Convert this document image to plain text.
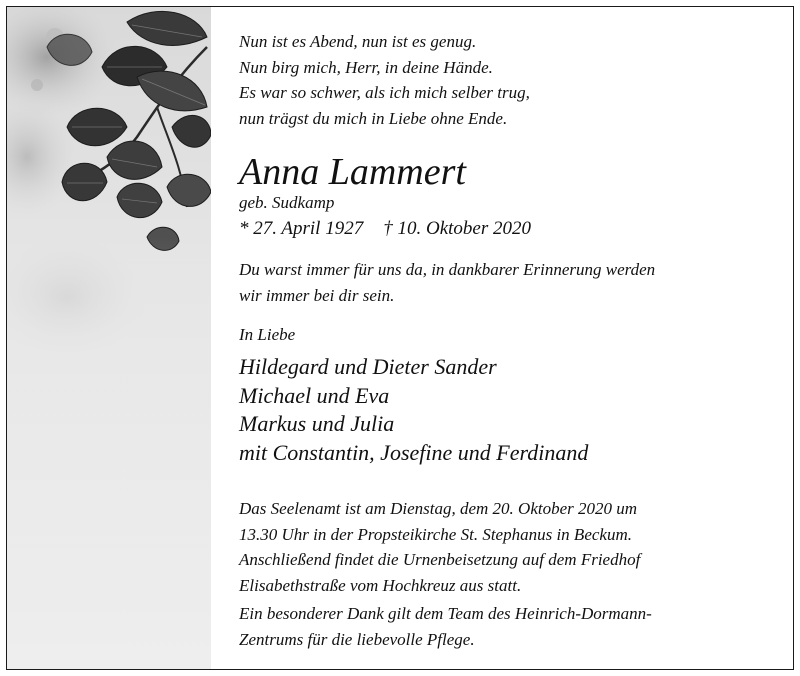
Nun ist es Abend, nun ist es genug.
Nun birg mich, Herr, in deine Hände.
Es war so schwer, als ich mich selber trug,
nun trägst du mich in Liebe ohne Ende.
Anna Lammert
geb. Sudkamp
* 27. April 1927 † 10. Oktober 2020
Du warst immer für uns da, in dankbarer Erinnerung werden
wir immer bei dir sein.
In Liebe
Hildegard und Dieter Sander
Michael und Eva
Markus und Julia
mit Constantin, Josefine und Ferdinand
Das Seelenamt ist am Dienstag, dem 20. Oktober 2020 um
13.30 Uhr in der Propsteikirche St. Stephanus in Beckum.
Anschließend findet die Urnenbeisetzung auf dem Friedhof
Elisabethstraße vom Hochkreuz aus statt.
Ein besonderer Dank gilt dem Team des Heinrich-Dormann-
Zentrums für die liebevolle Pflege.
